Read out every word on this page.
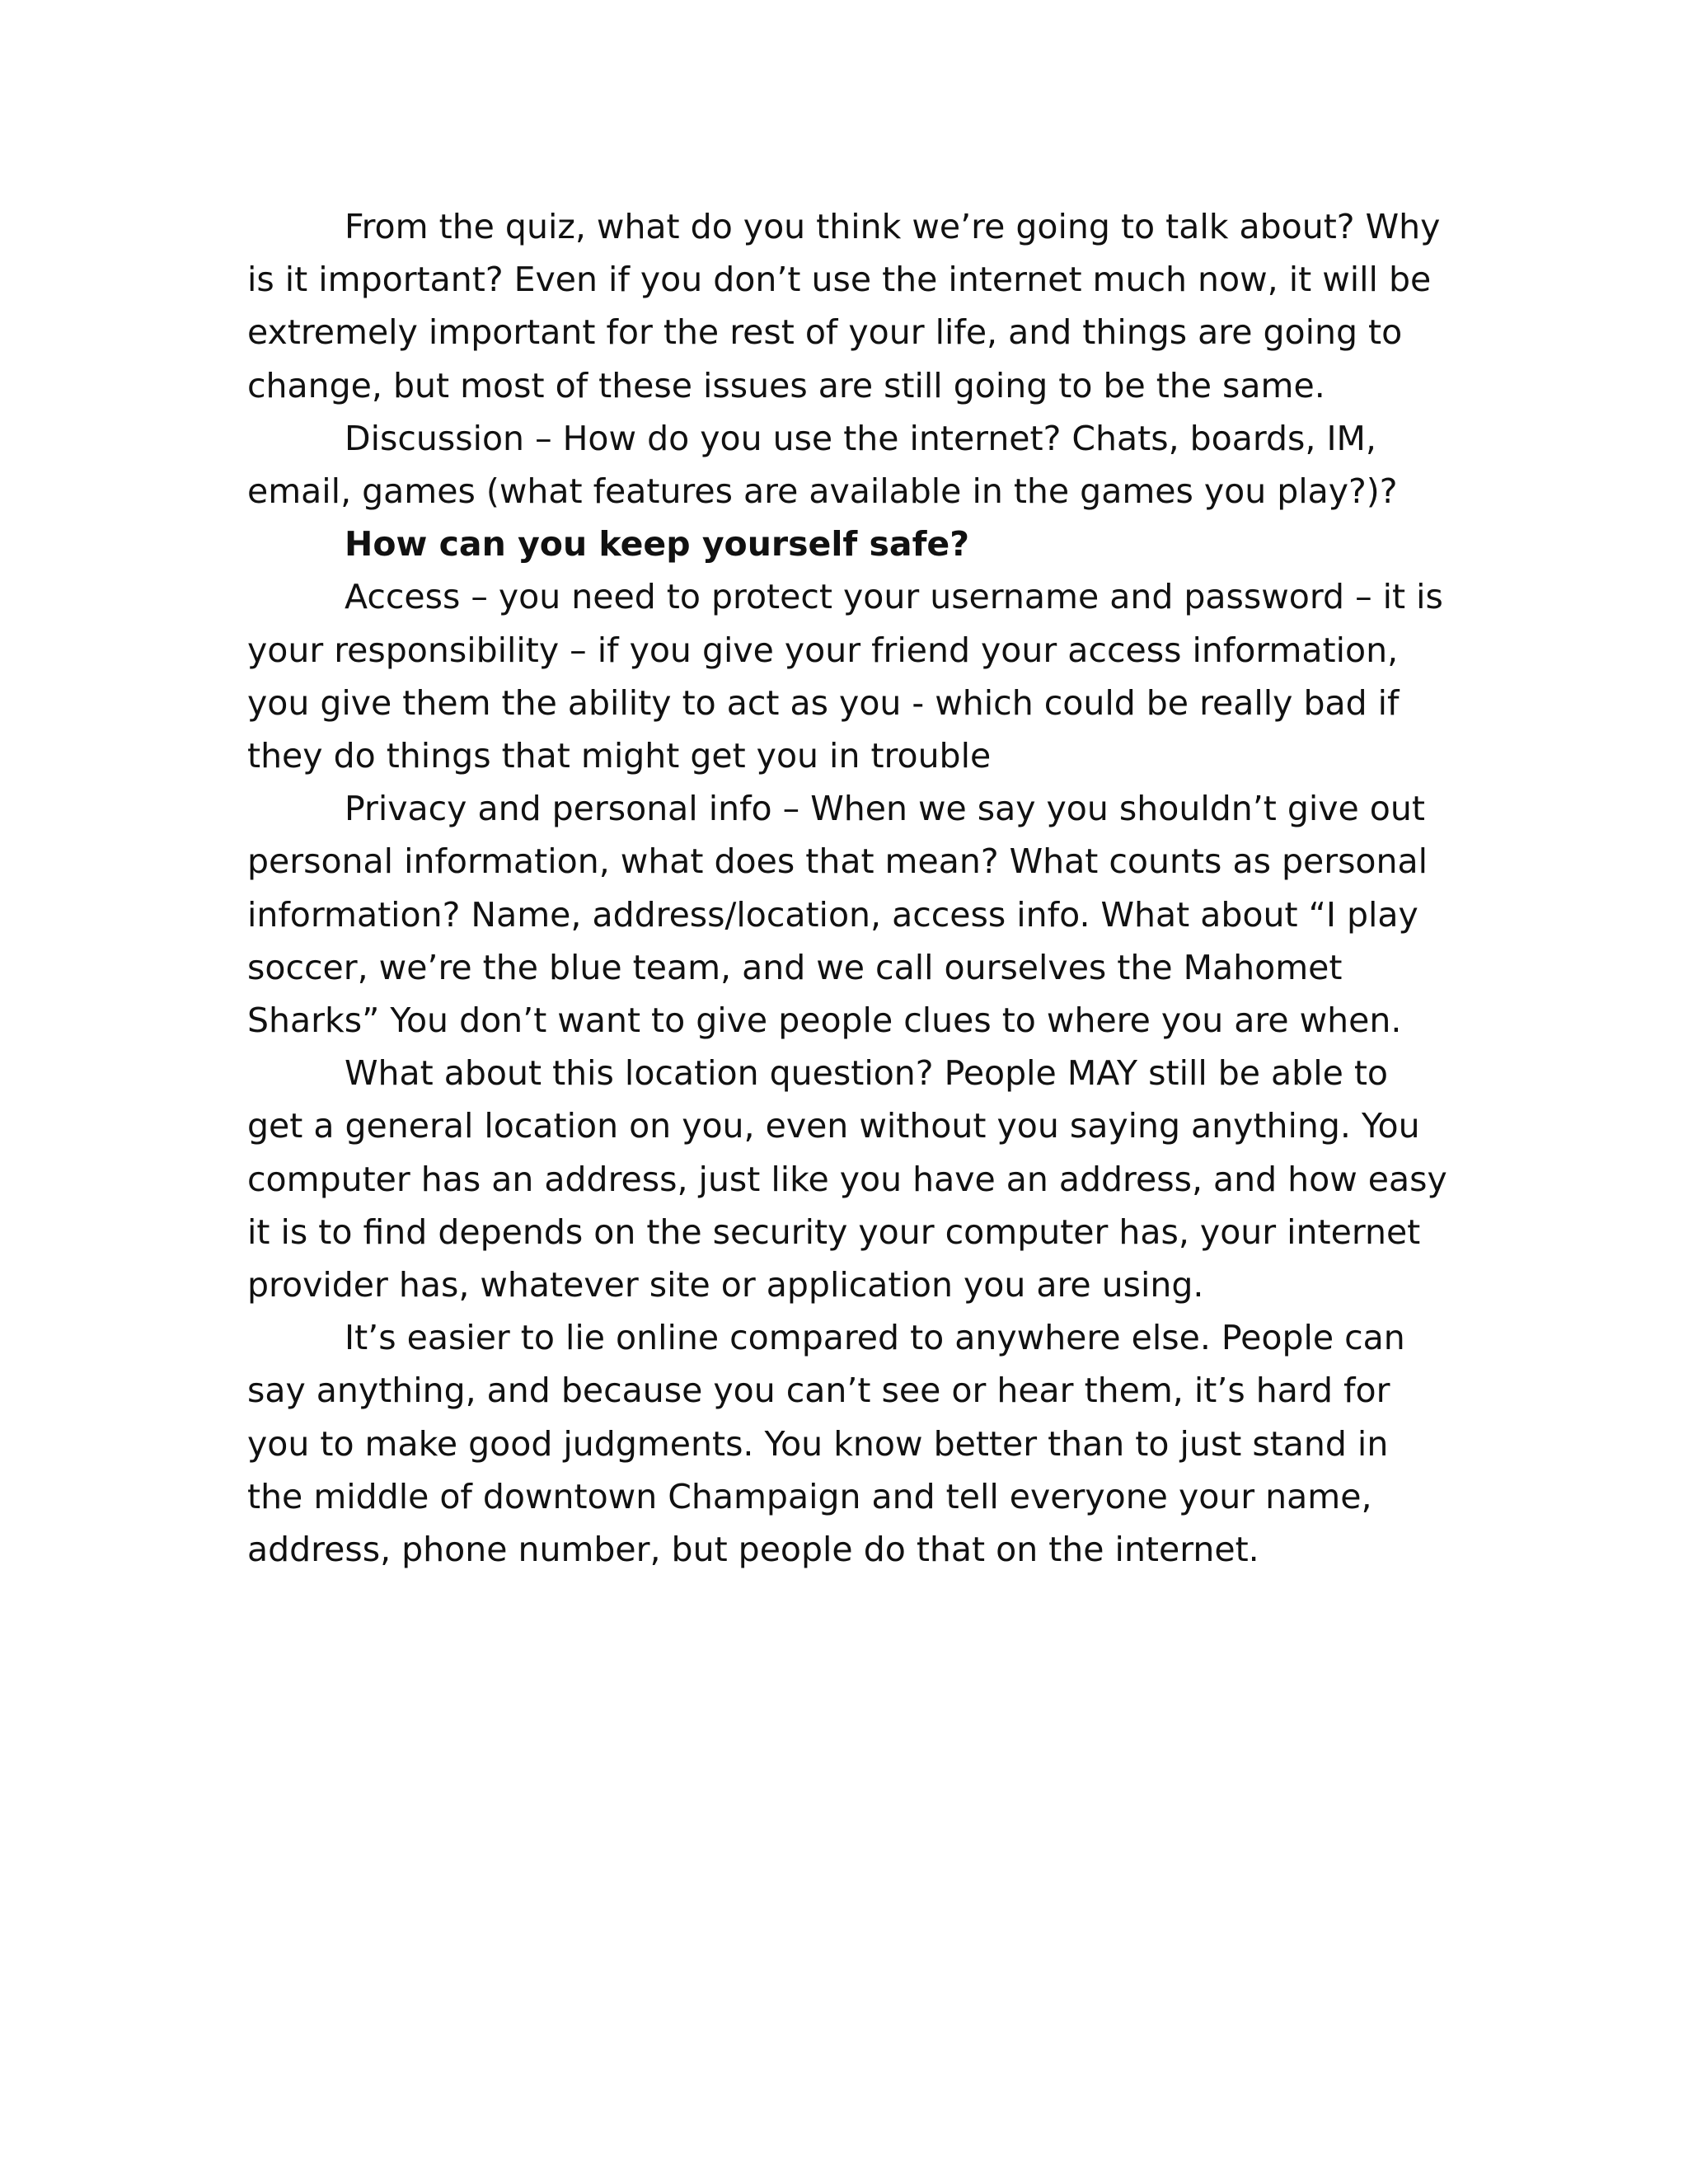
From the quiz, what do you think we’re going to talk about? Why is it important? Even if you don’t use the internet much now, it will be extremely important for the rest of your life, and things are going to change, but most of these issues are still going to be the same.

Discussion – How do you use the internet? Chats, boards, IM, email, games (what features are available in the games you play?)?

How can you keep yourself safe?

Access – you need to protect your username and password – it is your responsibility – if you give your friend your access information, you give them the ability to act as you - which could be really bad if they do things that might get you in trouble

Privacy and personal info – When we say you shouldn’t give out personal information, what does that mean? What counts as personal information? Name, address/location, access info. What about “I play soccer, we’re the blue team, and we call ourselves the Mahomet Sharks” You don’t want to give people clues to where you are when.

What about this location question? People MAY still be able to get a general location on you, even without you saying anything. You computer has an address, just like you have an address, and how easy it is to find depends on the security your computer has, your internet provider has, whatever site or application you are using.

It’s easier to lie online compared to anywhere else. People can say anything, and because you can’t see or hear them, it’s hard for you to make good judgments. You know better than to just stand in the middle of downtown Champaign and tell everyone your name, address, phone number, but people do that on the internet.
